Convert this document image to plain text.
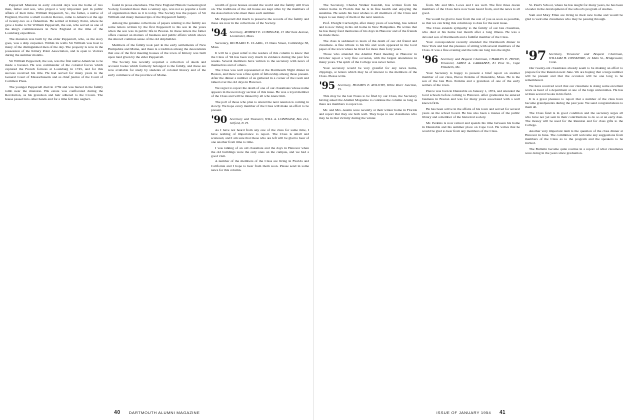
Pepperrell Mansion in early colonial days was the home of two men, father and son, who played a very important part in public affairs of their time. William Pepperrell, Sr., the father, a native of England, lived in a small room in Revere, came to America at the age of twenty-two as a fisherman. He settled at Kittery Point, where he gave a home to Sir William Pepperrell, the son, who served as one of the king's commissioners in New England at the time of the Louisburg expedition.

The mansion was built by the elder Pepperrell, who, as the story goes, was a ship carpenter. Within its walls Sir William was host to many of the distinguished men of the day. The property is now in the possession of the Kittery Point Association, and is open to visitors during the summer months.

Sir William Pepperrell, the son, was the first native American to be made a baronet. He was commander of the colonial forces which captured the French fortress at Louisburg in 1745, and for this success received his title. He had served for many years in the General Court of Massachusetts and as chief justice of the Court of Common Pleas.

The younger Pepperrell died in 1759 and was buried in the family tomb near the mansion. His estate was confiscated during the Revolution, as his grandson and heir adhered to the Crown. The house passed into other hands and for a time fell into neglect.

found in prose elsewhere. The New England Historic Genealogical Society, founded more than a century ago, was not so popular a form of organization then as it is today. The Society has the papers of Sir William and many manuscripts of the Pepperrell family.

Among the genuine collections of papers relating to the family are some letters written by the first Pepperrell to his son in the years when the son was in public life in Boston. In these letters the father offers counsel on matters of business and public affairs which shows the shrewd common sense of the old shipbuilder.

Members of the family took part in the early settlements of New Hampshire and Maine, and there is a tradition among the descendants that one of the first meeting houses of the town of Kittery was built upon land given by the elder Pepperrell.

The Society has recently acquired a collection of deeds and account books which formerly belonged to the family, and these are now available for study by students of colonial history and of the early commerce of the province of Maine.

wealth of great houses around the world and the family still lives on. The traditions of the old house are kept alive by the members of the Association who meet there each summer.

Mr. Pepperrell did much to preserve the records of the family and these are now in the collections of the Society.

'94 Secretary, ROBERT E. LOBINGER, 15 Merriam Avenue, Leominster, Mass.

Secretary, RICHARD E. CLARK, 15 Dana Street, Cambridge 38, Mass.

It will be a great relief to the readers of this column to know that the Class of '94 has been very much in evidence during the past few weeks. Several members have written to the secretary with news of themselves and of others.

The Class was well represented at the Dartmouth Night dinner in Boston, and there was a fine spirit of fellowship among those present. After the dinner a number of us gathered in a corner of the room and talked over the old days in Hanover.

We regret to report the death of one of our classmates whose name appears in the necrology section of this issue. He was a loyal member of the Class and will be missed by all who knew him.

The poll of those who plan to attend the next reunion is coming in slowly. We hope every member of the Class will make an effort to be present.

'90 Secretary and Treasurer, WILL A. LOBINGER, Box 212, Gilford, N. H.

As I have not heard from any one of the class for some time, I have nothing of importance to report. The Class is small and scattered, and I am sure that those who are left will be glad to hear of one another from time to time.

I was talking of an old classmate and the days in Hanover when the old buildings were the only ones on the campus, and we had a good visit.

A number of the members of the Class are living in Florida and California and I hope to hear from them soon. Please send in some news for this column.

40 DARTMOUTH ALUMNI MAGAZINE

The Secretary, Charles Walker Kendall, has written from his winter home in Florida that he is in fine health and enjoying the sunshine. He sends his best wishes to all members of the Class and hopes to see many of them at the next reunion.

Prof. Dwight Cartwright, after many years of teaching, has retired and is now living in his old home in New Hampshire. He writes that he has many fond memories of his days in Hanover and of the friends he made there.

The class is saddened to learn of the death of our old friend and classmate. A fine tribute to his life and work appeared in the local paper of the town where he lived for more than forty years.

Those who attended the Alumni Fund meeting at Hanover in October report a very fine occasion, with the largest attendance in many years. The spirit of the College was never better.

Your secretary would be very grateful for any news items, clippings, or letters which may be of interest to the members of the Class. Please write.

'95 Secretary, HOLMES E. ROLOTH, White River Junction, Vt.

This may be the last Notes to be filed by our Class, the Secretary having asked the Alumni Magazine to continue the column as long as there are members to report on.

Mr. and Mrs. Austin were recently at their winter home in Florida and report that they are both well. They hope to see classmates who may be in that vicinity during the winter.

from. Mr. and Mrs. Lowe and I are well. The first three dozen members of the Class have now been heard from, and the news is all good.

We would be glad to hear from the rest of you as soon as possible, so that we can bring this column up to date for the next issue.

The Class extends sympathy to the family of our late classmate, who died at his home last month after a long illness. He was a devoted son of Dartmouth and a faithful member of the Class.

Your correspondent recently attended the Dartmouth dinner in New York and had the pleasure of sitting with several members of the Class. It was a fine evening and the talk ran long into the night.

'96 Secretary and Bequest Chairman, CHARLES E. HOWE, Treasurer, JABEZ A. LARRABEE, 81 Pine St., Cape Elizabeth, Me.

Your Secretary is happy to present a brief report on another member of our class, Pierce Perkins of Dunstable, Mass. He is the son of the late Hon. Perkins and a grandson of one of the early settlers of the town.

Pierce was born in Dunstable on January 1, 1874, and attended the local schools before coming to Hanover. After graduation he entered business in Boston and was for many years associated with a well known firm.

He has been active in the affairs of his town and served for several years on the school board. He has also been a trustee of the public library and a member of the historical society.

Mr. Perkins is now retired and spends his time between his home in Dunstable and his summer place on Cape Cod. He writes that he would be glad to hear from any members of the Class.

St. Paul's School, where he has taught for many years, he has been a leader in the development of the school's program of studies.

Sam and Mary Ellen are living in their new home and would be glad to welcome classmates who may be passing through.

'97 Secretary, Treasurer and Bequest Chairman, WILLIAM H. DINSMORE, 21 Main St., Bridgewater, Conn.

Our twenty-six classmates already seem to be making an effort to prepare for the Reunion next June. We are hoping that a large number will be present and that the occasion will be one long to be remembered.

We have received word that our classmate is doing some excellent work as head of a department at one of the large universities. He has written several books in his field.

It is a great pleasure to report that a number of the class have become grandparents during the past year. We send congratulations to them all.

The Class fund is in good condition and the secretary urges all who have not yet sent in their contributions to do so at an early date. The money will be used for the Reunion and for class gifts to the College.

Another very important item is the question of the class dinner at Hanover in June. The committee will welcome any suggestions from members of the Class as to the program and the speakers to be invited.

The Bulletin became quite routine in a report of what classmates were doing in the years since graduation.

ISSUE OF JANUARY 1954 41
